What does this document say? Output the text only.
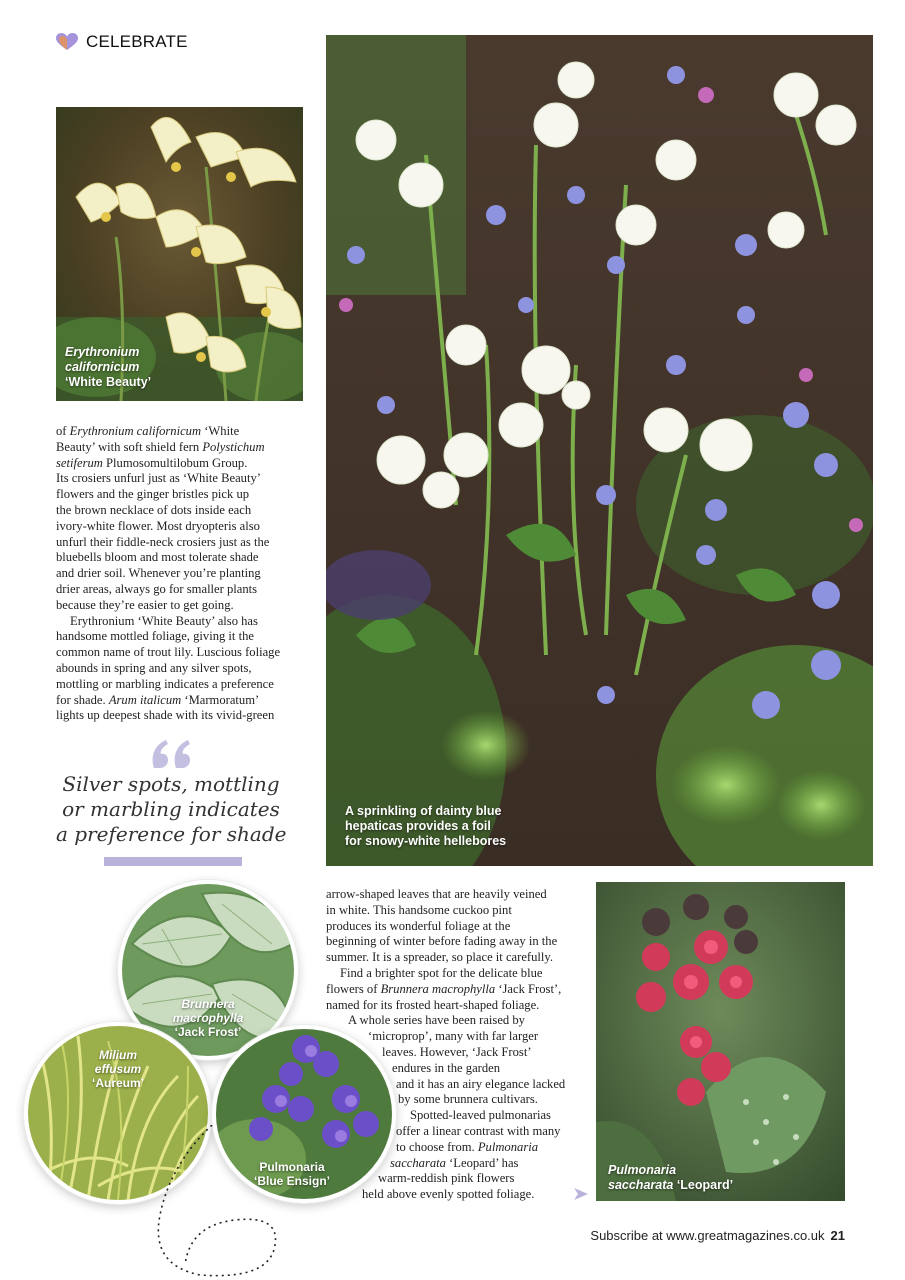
CELEBRATE
Erythronium
californicum
‘White Beauty’
A sprinkling of dainty blue
hepaticas provides a foil
for snowy-white hellebores
of Erythronium californicum ‘White
Beauty’ with soft shield fern Polystichum
setiferum Plumosomultilobum Group.
Its crosiers unfurl just as ‘White Beauty’
flowers and the ginger bristles pick up
the brown necklace of dots inside each
ivory-white flower. Most dryopteris also
unfurl their fiddle-neck crosiers just as the
bluebells bloom and most tolerate shade
and drier soil. Whenever you’re planting
drier areas, always go for smaller plants
because they’re easier to get going.
Erythronium ‘White Beauty’ also has
handsome mottled foliage, giving it the
common name of trout lily. Luscious foliage
abounds in spring and any silver spots,
mottling or marbling indicates a preference
for shade. Arum italicum ‘Marmoratum’
lights up deepest shade with its vivid-green
Silver spots, mottling
or marbling indicates
a preference for shade
Brunnera
macrophylla
‘Jack Frost’
Milium
effusum
‘Aureum’
Pulmonaria
‘Blue Ensign’
arrow-shaped leaves that are heavily veined
in white. This handsome cuckoo pint
produces its wonderful foliage at the
beginning of winter before fading away in the
summer. It is a spreader, so place it carefully.
Find a brighter spot for the delicate blue
flowers of Brunnera macrophylla ‘Jack Frost’,
named for its frosted heart-shaped foliage.
A whole series have been raised by
‘microprop’, many with far larger
leaves. However, ‘Jack Frost’
endures in the garden
and it has an airy elegance lacked
by some brunnera cultivars.
Spotted-leaved pulmonarias
offer a linear contrast with many
to choose from. Pulmonaria
saccharata ‘Leopard’ has
warm-reddish pink flowers
held above evenly spotted foliage.
Pulmonaria
saccharata ‘Leopard’
Subscribe at www.greatmagazines.co.uk 21
